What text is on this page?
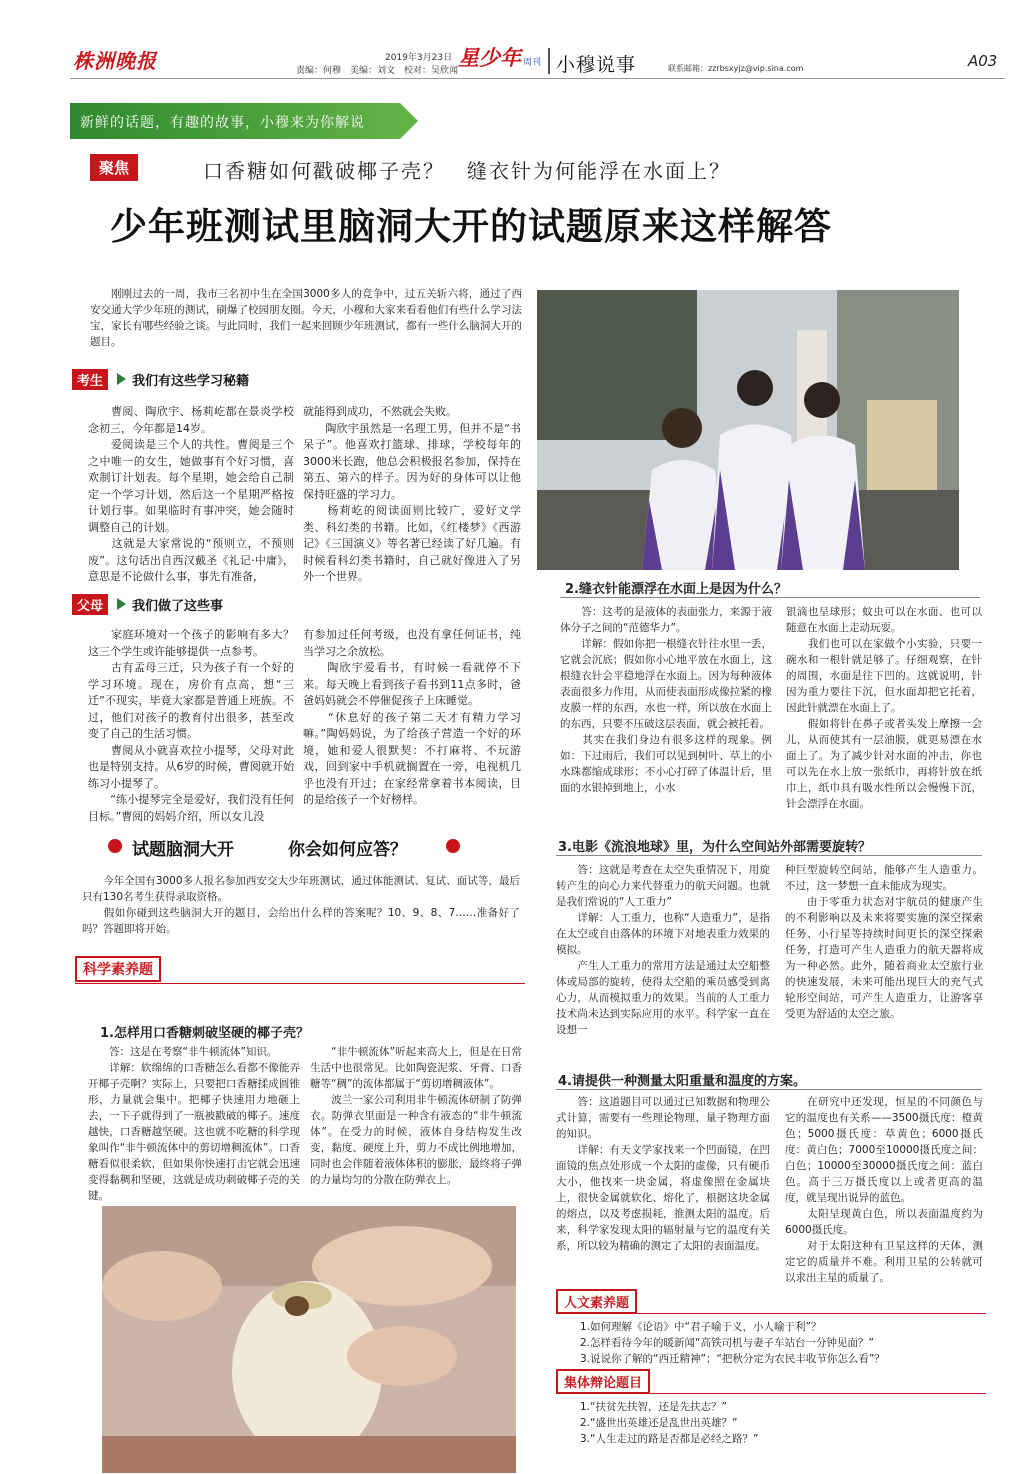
株洲晚报	2019年3月23日
责编：何穆　美编：刘文　校对：吴欣闻
星少年 周刊 小穆说事	联系邮箱：zzrbsxyjz@vip.sina.com	A03
新鲜的话题，有趣的故事，小穆来为你解说
聚焦	口香糖如何戳破椰子壳？　缝衣针为何能浮在水面上？
少年班测试里脑洞大开的试题原来这样解答
刚刚过去的一周，我市三名初中生在全国3000多人的竞争中，过五关斩六将，通过了西安交通大学少年班的测试，刷爆了校园朋友圈。今天，小穆和大家来看看他们有些什么学习法宝，家长有哪些经验之谈。与此同时，我们一起来回顾少年班测试，都有一些什么脑洞大开的题目。
考生	我们有这些学习秘籍
　　曹阅、陶欣宇、杨莉屹都在景炎学校念初三，今年都是14岁。
　　爱阅读是三个人的共性。曹阅是三个之中唯一的女生，她做事有个好习惯，喜欢制订计划表。每个星期，她会给自己制定一个学习计划，然后这一个星期严格按计划行事。如果临时有事冲突，她会随时调整自己的计划。
　　这就是大家常说的“预则立，不预则废”。这句话出自西汉戴圣《礼记·中庸》，意思是不论做什么事，事先有准备，
就能得到成功，不然就会失败。
　　陶欣宇虽然是一名理工男，但并不是“书呆子”。他喜欢打篮球、排球，学校每年的3000米长跑，他总会积极报名参加，保持在第五、第六的样子。因为好的身体可以让他保持旺盛的学习力。
　　杨莉屹的阅读面则比较广，爱好文学类、科幻类的书籍。比如，《红楼梦》《西游记》《三国演义》等名著已经读了好几遍。有时候看科幻类书籍时，自己就好像进入了另外一个世界。
父母	我们做了这些事
　　家庭环境对一个孩子的影响有多大？这三个学生或许能够提供一点参考。
　　古有孟母三迁，只为孩子有一个好的学习环境。现在，房价有点高，想“三迁”不现实，毕竟大家都是普通上班族。不过，他们对孩子的教育付出很多，甚至改变了自己的生活习惯。
　　曹阅从小就喜欢拉小提琴，父母对此也是特别支持。从6岁的时候，曹阅就开始练习小提琴了。
　　“练小提琴完全是爱好，我们没有任何目标。”曹阅的妈妈介绍，所以女儿没
有参加过任何考级，也没有拿任何证书，纯当学习之余放松。
　　陶欣宇爱看书，有时候一看就停不下来。每天晚上看到孩子看书到11点多时，爸爸妈妈就会不停催促孩子上床睡觉。
　　“休息好的孩子第二天才有精力学习嘛。”陶妈妈说，为了给孩子营造一个好的环境，她和爱人很默契：不打麻将、不玩游戏，回到家中手机就搁置在一旁，电视机几乎也没有开过；在家经常拿着书本阅读，目的是给孩子一个好榜样。
2.缝衣针能漂浮在水面上是因为什么？
　　答：这考的是液体的表面张力，来源于液体分子之间的“范德华力”。
　　详解：假如你把一根缝衣针往水里一丢，它就会沉底；假如你小心地平放在水面上，这根缝衣针会平稳地浮在水面上。因为每种液体表面很多力作用，从而使表面形成像拉紧的橡皮膜一样的东西，水也一样，所以放在水面上的东西，只要不压破这层表面，就会被托着。
　　其实在我们身边有很多这样的现象。例如：下过雨后，我们可以见到树叶、草上的小水珠都缩成球形；不小心打碎了体温计后，里面的水银掉到地上，小水
银滴也呈球形；蚊虫可以在水面、也可以随意在水面上走动玩耍。
　　我们也可以在家做个小实验，只要一碗水和一根针就足够了。仔细观察，在针的周围，水面是往下凹的。这就说明，针因为重力要往下沉，但水面却把它托着，因此针就漂在水面上了。
　　假如将针在鼻子或者头发上摩擦一会儿，从而使其有一层油膜，就更易漂在水面上了。为了减少针对水面的冲击，你也可以先在水上放一张纸巾，再将针放在纸巾上，纸巾具有吸水性所以会慢慢下沉，针会漂浮在水面。
试题脑洞大开	你会如何应答？
　　今年全国有3000多人报名参加西安交大少年班测试，通过体能测试、复试、面试等，最后只有130名考生获得录取资格。
　　假如你碰到这些脑洞大开的题目，会给出什么样的答案呢？10、9、8、7……准备好了吗？答题即将开始。
科学素养题
1.怎样用口香糖刺破坚硬的椰子壳？
　　答：这是在考察“非牛顿流体”知识。
　　详解：软绵绵的口香糖怎么看都不像能弄开椰子壳啊？实际上，只要把口香糖揉成圆锥形，力量就会集中。把椰子快速用力地砸上去，一下子就得到了一瓶被戳破的椰子。速度越快，口香糖越坚硬。这也就不吃糖的科学现象叫作“非牛顿流体中的剪切增稠流体”。口香糖看似很柔软，但如果你快速打击它就会迅速变得黏稠和坚硬，这就是成功刺破椰子壳的关键。
　　“非牛顿流体”听起来高大上，但是在日常生活中也很常见。比如陶瓷泥浆、牙膏、口香糖等“稠”的流体都属于“剪切增稠液体”。
　　波兰一家公司利用非牛顿流体研制了防弹衣。防弹衣里面是一种含有液态的“非牛顿流体”。在受力的时候，液体自身结构发生改变，黏度、硬度上升，剪力不成比例地增加，同时也会伴随着液体体积的膨胀，最终将子弹的力量均匀的分散在防弹衣上。
3.电影《流浪地球》里，为什么空间站外部需要旋转？
　　答：这就是考查在太空失重情况下，用旋转产生的向心力来代替重力的航天问题。也就是我们常说的“人工重力”
　　详解：人工重力，也称“人造重力”，是指在太空或自由落体的环境下对地表重力效果的模拟。
　　产生人工重力的常用方法是通过太空船整体或局部的旋转，使得太空船的乘员感受到离心力，从而模拟重力的效果。当前的人工重力技术尚未达到实际应用的水平。科学家一直在设想一
种巨型旋转空间站，能够产生人造重力。不过，这一梦想一直未能成为现实。
　　由于零重力状态对宇航员的健康产生的不利影响以及未来将要实施的深空探索任务、小行星等持续时间更长的深空探索任务，打造可产生人造重力的航天器将成为一种必然。此外，随着商业太空旅行业的快速发展，未来可能出现巨大的充气式轮形空间站，可产生人造重力，让游客享受更为舒适的太空之旅。
4.请提供一种测量太阳重量和温度的方案。
　　答：这道题目可以通过已知数据和物理公式计算，需要有一些理论物理、量子物理方面的知识。
　　详解：有天文学家找来一个凹面镜，在凹面镜的焦点处形成一个太阳的虚像，只有硬币大小，他找来一块金属，将虚像照在金属块上，很快金属就软化、熔化了，根据这块金属的熔点，以及考虑损耗，推测太阳的温度。后来，科学家发现太阳的辐射量与它的温度有关系，所以较为精确的测定了太阳的表面温度。
　　在研究中还发现，恒星的不同颜色与它的温度也有关系——3500摄氏度：橙黄色；5000摄氏度：草黄色；6000摄氏度：黄白色；7000至10000摄氏度之间：白色；10000至30000摄氏度之间：蓝白色。高于三万摄氏度以上或者更高的温度，就呈现出说异的蓝色。
　　太阳呈现黄白色，所以表面温度约为6000摄氏度。
　　对于太阳这种有卫星这样的天体，测定它的质量并不难。利用卫星的公转就可以求出主星的质量了。
人文素养题
1.如何理解《论语》中“君子喻于义，小人喻于利”？
2.怎样看待今年的暖新闻“高铁司机与妻子车站台一分钟见面？”
3.说说你了解的“西迁精神”；“把秋分定为农民丰收节你怎么看”？
集体辩论题目
1.“扶贫先扶智，还是先扶志？”
2.“盛世出英雄还是乱世出英雄？”
3.“人生走过的路是否都是必经之路？”
